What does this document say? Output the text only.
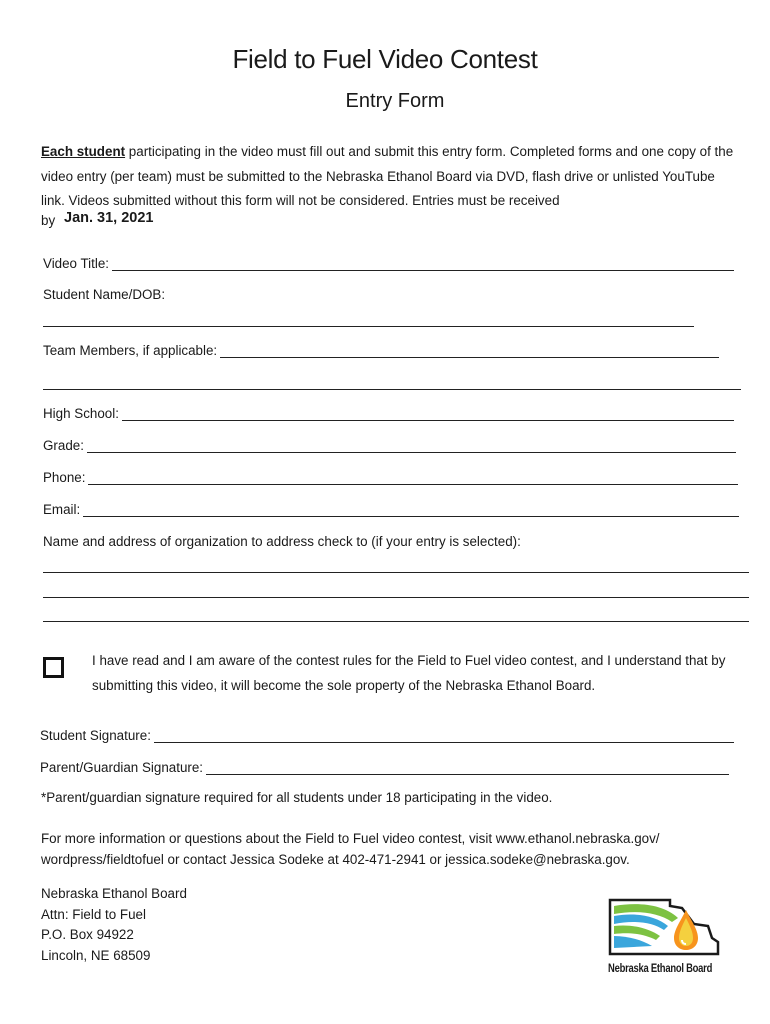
Field to Fuel Video Contest
Entry Form
Each student participating in the video must fill out and submit this entry form. Completed forms and one copy of the video entry (per team) must be submitted to the Nebraska Ethanol Board via DVD, flash drive or unlisted YouTube link. Videos submitted without this form will not be considered. Entries must be received
by Jan. 31, 2021
Video Title:
Student Name/DOB:
Team Members, if applicable:
High School:
Grade:
Phone:
Email:
Name and address of organization to address check to (if your entry is selected):
I have read and I am aware of the contest rules for the Field to Fuel video contest, and I understand that by submitting this video, it will become the sole property of the Nebraska Ethanol Board.
Student Signature:
Parent/Guardian Signature:
*Parent/guardian signature required for all students under 18 participating in the video.
For more information or questions about the Field to Fuel video contest, visit www.ethanol.nebraska.gov/ wordpress/fieldtofuel or contact Jessica Sodeke at 402-471-2941 or jessica.sodeke@nebraska.gov.
Nebraska Ethanol Board
Attn: Field to Fuel
P.O. Box 94922
Lincoln, NE 68509
Nebraska Ethanol Board
